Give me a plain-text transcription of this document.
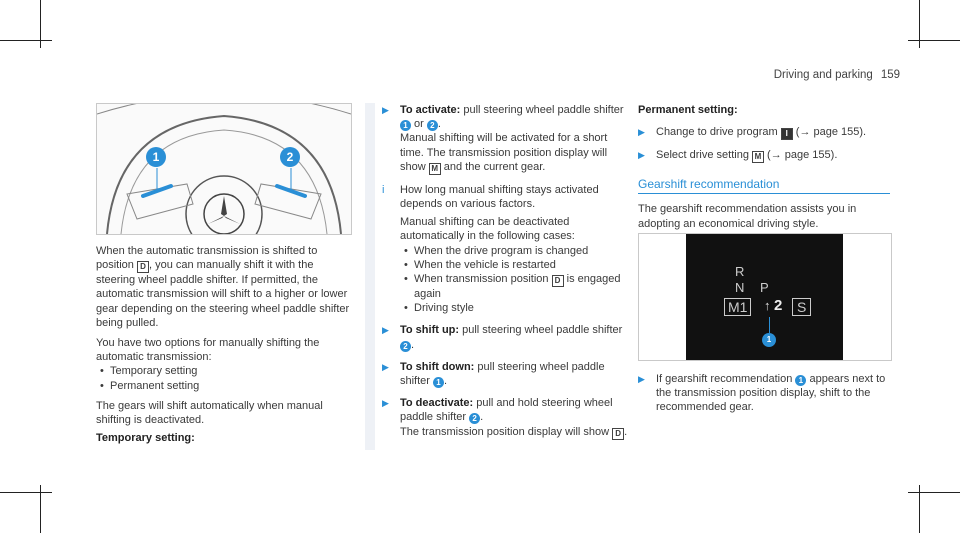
Driving and parking 159
1	2

When the automatic transmission is shifted to position D , you can manually shift it with the steering wheel paddle shifter. If permitted, the automatic transmission will shift to a higher or lower gear depending on the steering wheel paddle shifter being pulled.

You have two options for manually shifting the automatic transmission:

• Temporary setting
• Permanent setting

The gears will shift automatically when manual shifting is deactivated.

Temporary setting:

▶	To activate: pull steering wheel paddle shifter 1 or 2 .
Manual shifting will be activated for a short time. The transmission position display will show M and the current gear.
i How long manual shifting stays activated depends on various factors.

Manual shifting can be deactivated automatically in the following cases:

• When the drive program is changed
• When the vehicle is restarted
• When transmission position D is engaged again
• Driving style
▶	To shift up: pull steering wheel paddle shifter 2 .
▶	To shift down: pull steering wheel paddle shifter 1 .
▶	To deactivate: pull and hold steering wheel paddle shifter 2 .
The transmission position display will show D .

Permanent setting:

▶	Change to drive program I (→ page 155).
▶	Select drive setting M (→ page 155).
Gearshift recommendation

The gearshift recommendation assists you in adopting an economical driving style.

R
N P
M1	↑ 2	S
1
▶	If gearshift recommendation 1 appears next to the transmission position display, shift to the recommended gear.
